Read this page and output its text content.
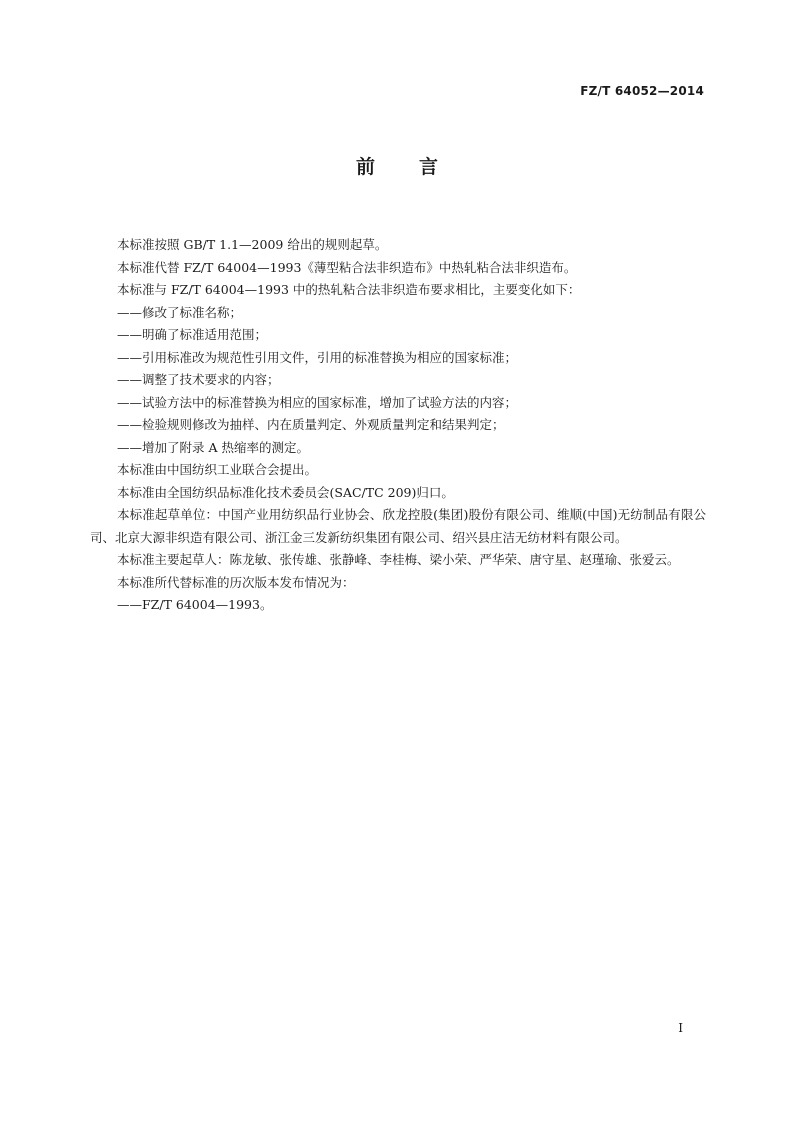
FZ/T 64052—2014
前言

本标准按照 GB/T 1.1—2009 给出的规则起草。

本标准代替 FZ/T 64004—1993《薄型粘合法非织造布》中热轧粘合法非织造布。

本标准与 FZ/T 64004—1993 中的热轧粘合法非织造布要求相比，主要变化如下：

——修改了标准名称；

——明确了标准适用范围；

——引用标准改为规范性引用文件，引用的标准替换为相应的国家标准；

——调整了技术要求的内容；

——试验方法中的标准替换为相应的国家标准，增加了试验方法的内容；

——检验规则修改为抽样、内在质量判定、外观质量判定和结果判定；

——增加了附录 A 热缩率的测定。

本标准由中国纺织工业联合会提出。

本标准由全国纺织品标准化技术委员会(SAC/TC 209)归口。

本标准起草单位：中国产业用纺织品行业协会、欣龙控股(集团)股份有限公司、维顺(中国)无纺制品有限公司、北京大源非织造有限公司、浙江金三发新纺织集团有限公司、绍兴县庄洁无纺材料有限公司。

本标准主要起草人：陈龙敏、张传雄、张静峰、李桂梅、梁小荣、严华荣、唐守星、赵瑾瑜、张爱云。

本标准所代替标准的历次版本发布情况为：

——FZ/T 64004—1993。

I
